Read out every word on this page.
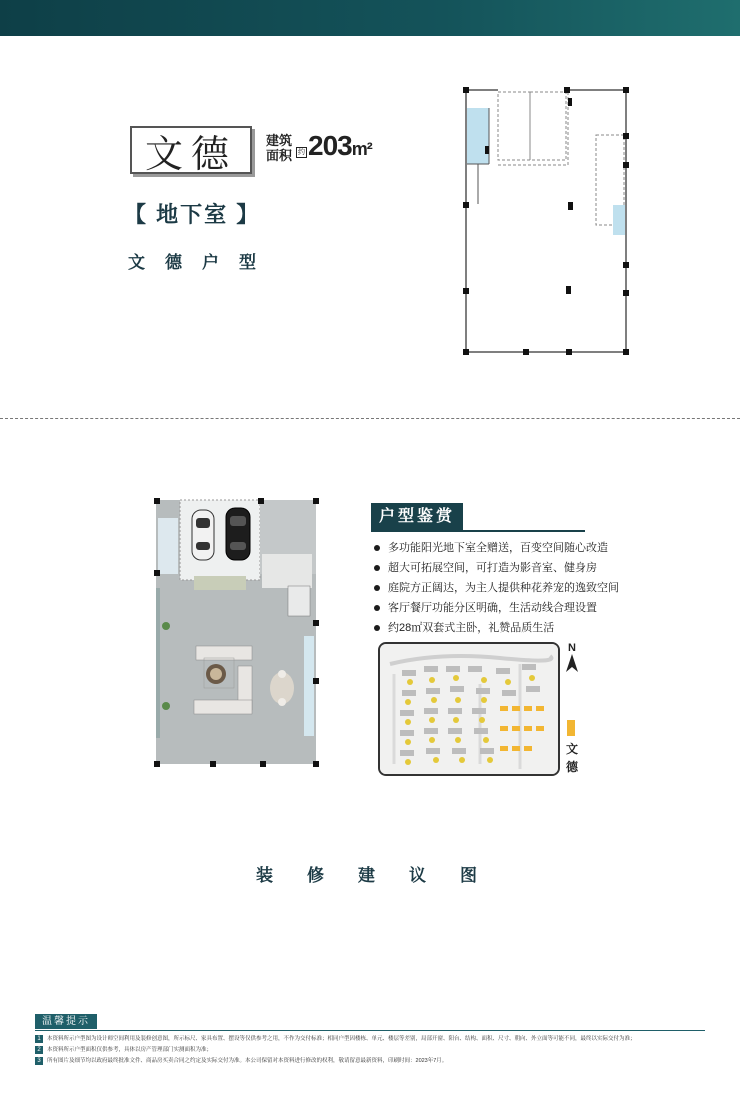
文德 建筑面积 约 203m²
【 地下室 】
文德户型
户型鉴赏
多功能阳光地下室全赠送，百变空间随心改造
超大可拓展空间，可打造为影音室、健身房
庭院方正阔达，为主人提供种花养宠的逸致空间
客厅餐厅功能分区明确，生活动线合理设置
约28㎡双套式主卧，礼赞品质生活
N
文德
装修建议图
温馨提示
1 本资料所示户型图为设计师空间利用及装修创意图，所示标尺、家具布置、摆设等仅供参考之用，不作为交付标准；相同户型因楼栋、单元、楼层等差别，局部开窗、阳台、结构、面积、尺寸、朝向、外立面等可能不同，最终以实际交付为准；
2 本资料所示户型面积仅供参考，具体以房产管理部门实测面积为准；
3 所有图片及细节均以政府最终批准文件、商品房买卖合同之约定及实际交付为准。本公司保留对本资料进行修改的权利，敬请留意最新资料，印刷时间：2023年7月。
